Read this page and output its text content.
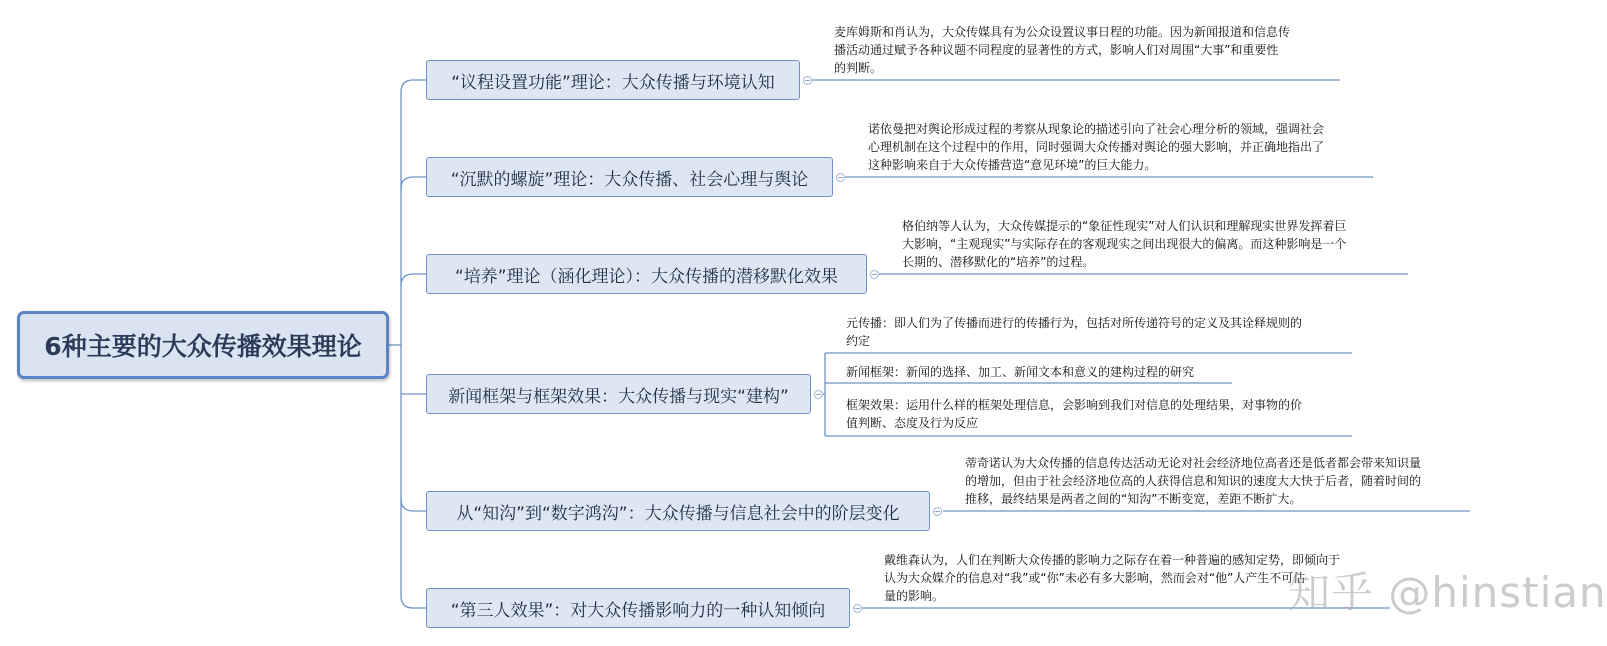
6种主要的大众传播效果理论
“议程设置功能”理论：大众传播与环境认知
“沉默的螺旋”理论：大众传播、社会心理与舆论
“培养”理论（涵化理论）：大众传播的潜移默化效果
新闻框架与框架效果：大众传播与现实“建构”
从“知沟”到“数字鸿沟”：大众传播与信息社会中的阶层变化
“第三人效果”：对大众传播影响力的一种认知倾向
麦库姆斯和肖认为，大众传媒具有为公众设置议事日程的功能。因为新闻报道和信息传
播活动通过赋予各种议题不同程度的显著性的方式，影响人们对周围“大事”和重要性
的判断。
诺依曼把对舆论形成过程的考察从现象论的描述引向了社会心理分析的领域，强调社会
心理机制在这个过程中的作用，同时强调大众传播对舆论的强大影响，并正确地指出了
这种影响来自于大众传播营造“意见环境”的巨大能力。
格伯纳等人认为，大众传媒提示的“象征性现实”对人们认识和理解现实世界发挥着巨
大影响，“主观现实”与实际存在的客观现实之间出现很大的偏离。而这种影响是一个
长期的、潜移默化的“培养”的过程。
元传播：即人们为了传播而进行的传播行为，包括对所传递符号的定义及其诠释规则的
约定
新闻框架：新闻的选择、加工、新闻文本和意义的建构过程的研究
框架效果：运用什么样的框架处理信息，会影响到我们对信息的处理结果，对事物的价
值判断、态度及行为反应
蒂奇诺认为大众传播的信息传达活动无论对社会经济地位高者还是低者都会带来知识量
的增加，但由于社会经济地位高的人获得信息和知识的速度大大快于后者，随着时间的
推移，最终结果是两者之间的“知沟”不断变宽，差距不断扩大。
戴维森认为，人们在判断大众传播的影响力之际存在着一种普遍的感知定势，即倾向于
认为大众媒介的信息对“我”或“你”未必有多大影响，然而会对“他”人产生不可估
量的影响。	知乎 @hinstian
